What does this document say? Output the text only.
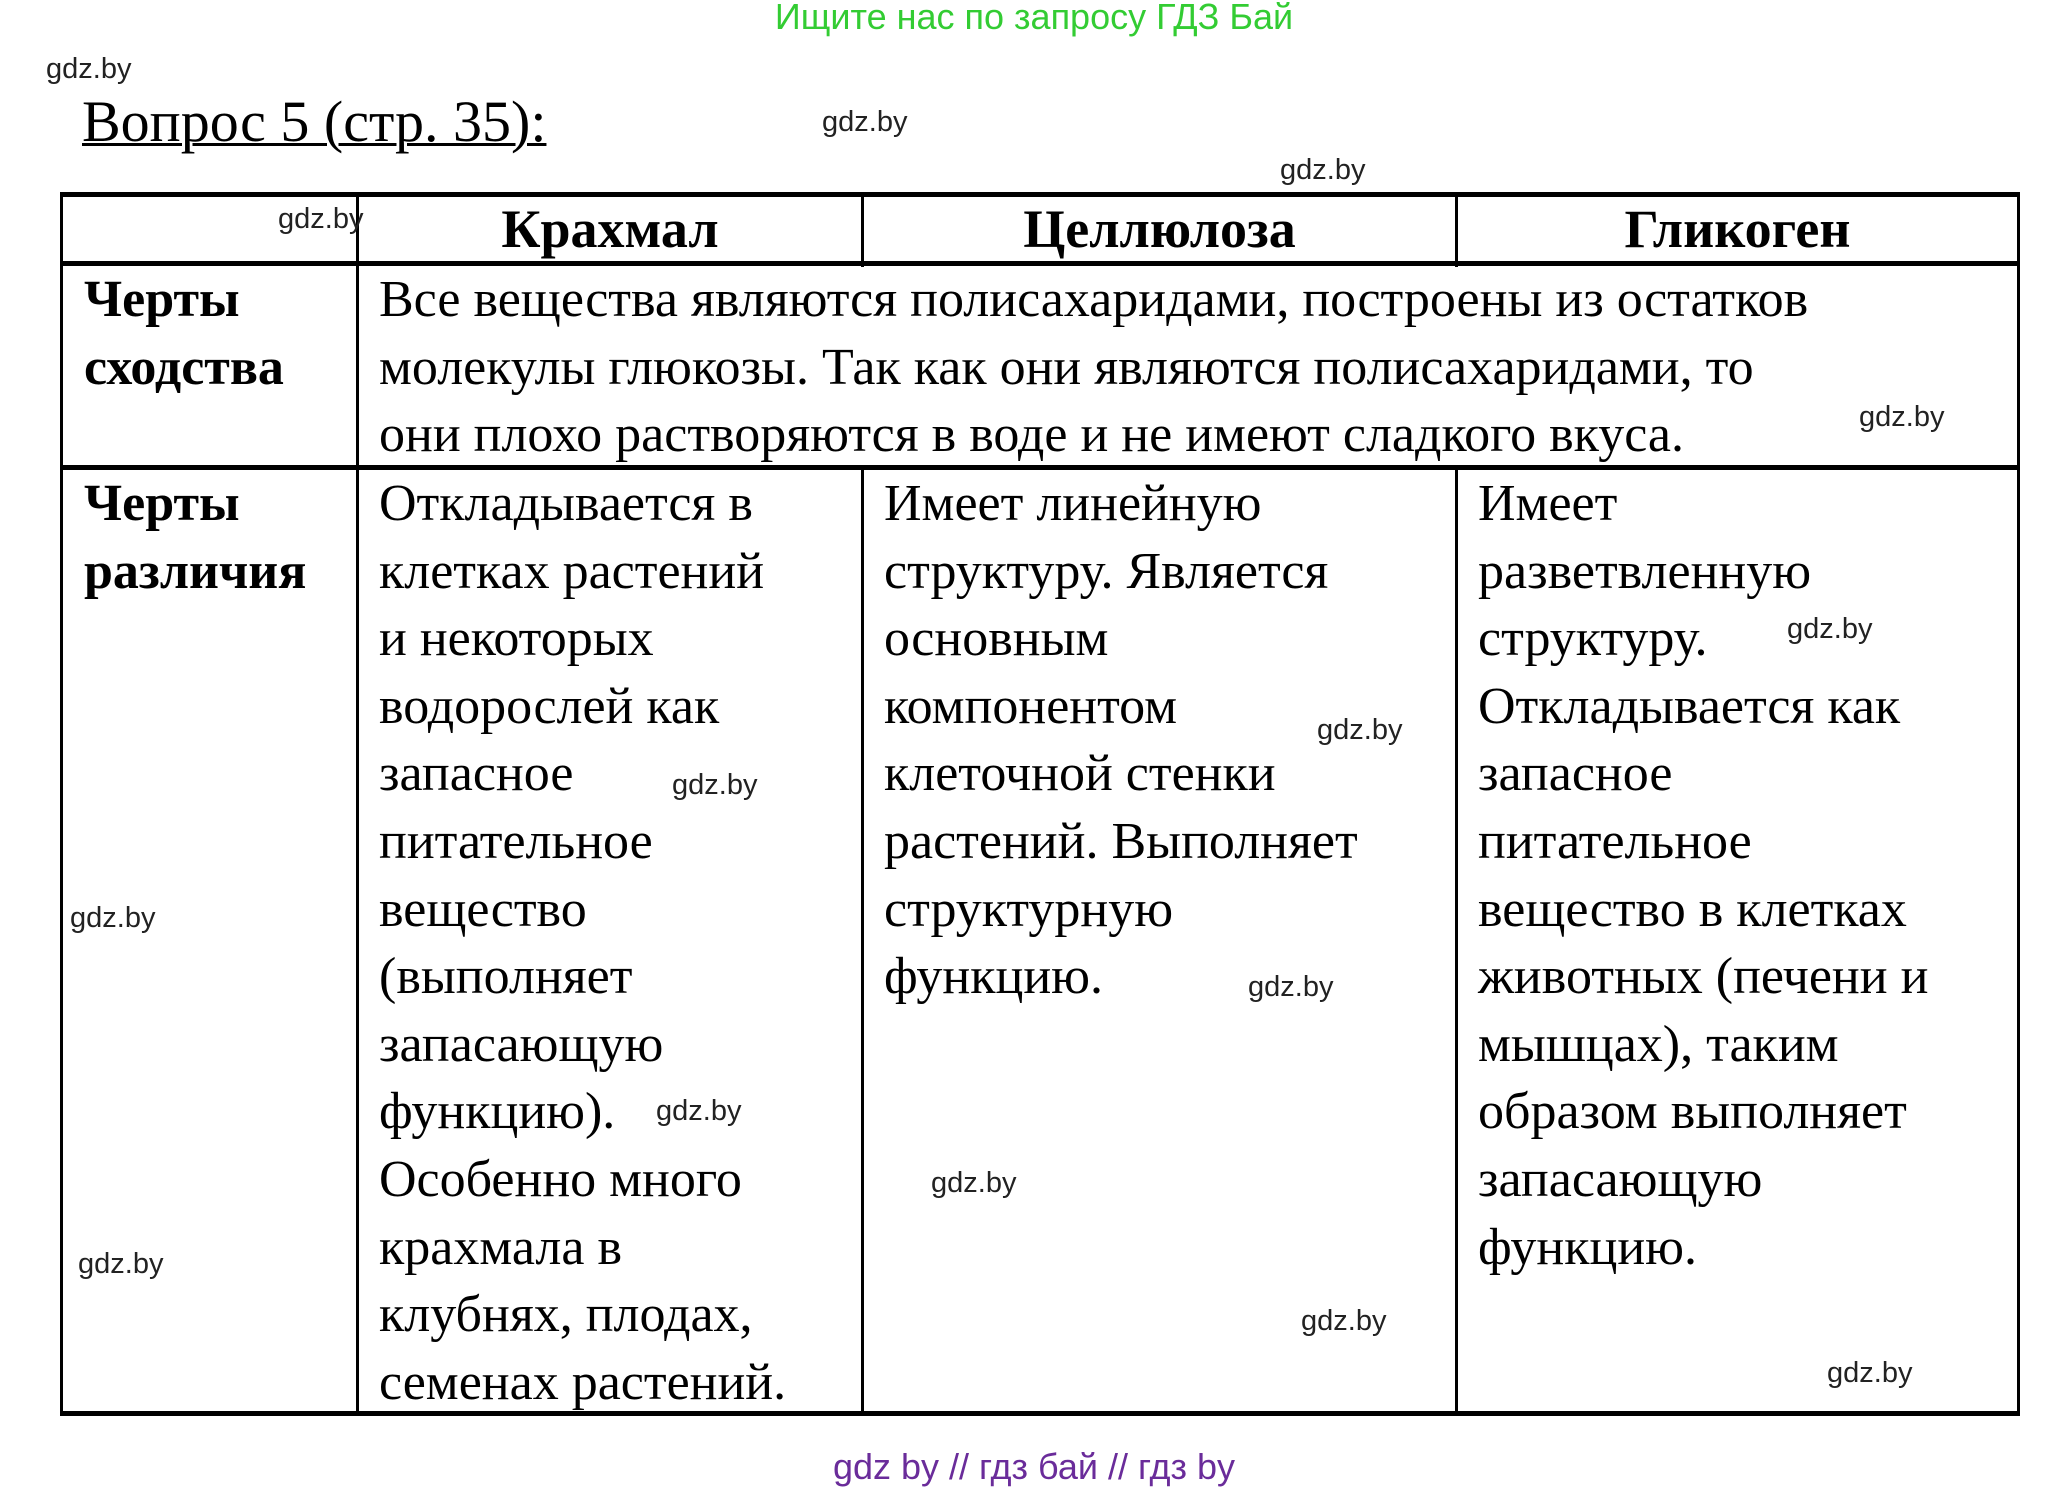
Ищите нас по запросу ГДЗ Бай
Вопрос 5 (стр. 35):
Крахмал	Целлюлоза	Гликоген
Черты
сходства
Все вещества являются полисахаридами, построены из остатков
молекулы глюкозы. Так как они являются полисахаридами, то
они плохо растворяются в воде и не имеют сладкого вкуса.
Черты
различия
Откладывается в
клетках растений
и некоторых
водорослей как
запасное
питательное
вещество
(выполняет
запасающую
функцию).
Особенно много
крахмала в
клубнях, плодах,
семенах растений.
Имеет линейную
структуру. Является
основным
компонентом
клеточной стенки
растений. Выполняет
структурную
функцию.
Имеет
разветвленную
структуру.
Откладывается как
запасное
питательное
вещество в клетках
животных (печени и
мышцах), таким
образом выполняет
запасающую
функцию.
gdz.by
gdz.by
gdz.by
gdz.by
gdz.by
gdz.by
gdz.by
gdz.by
gdz.by
gdz.by
gdz.by
gdz.by
gdz.by
gdz.by
gdz.by
gdz by // гдз бай // гдз by
